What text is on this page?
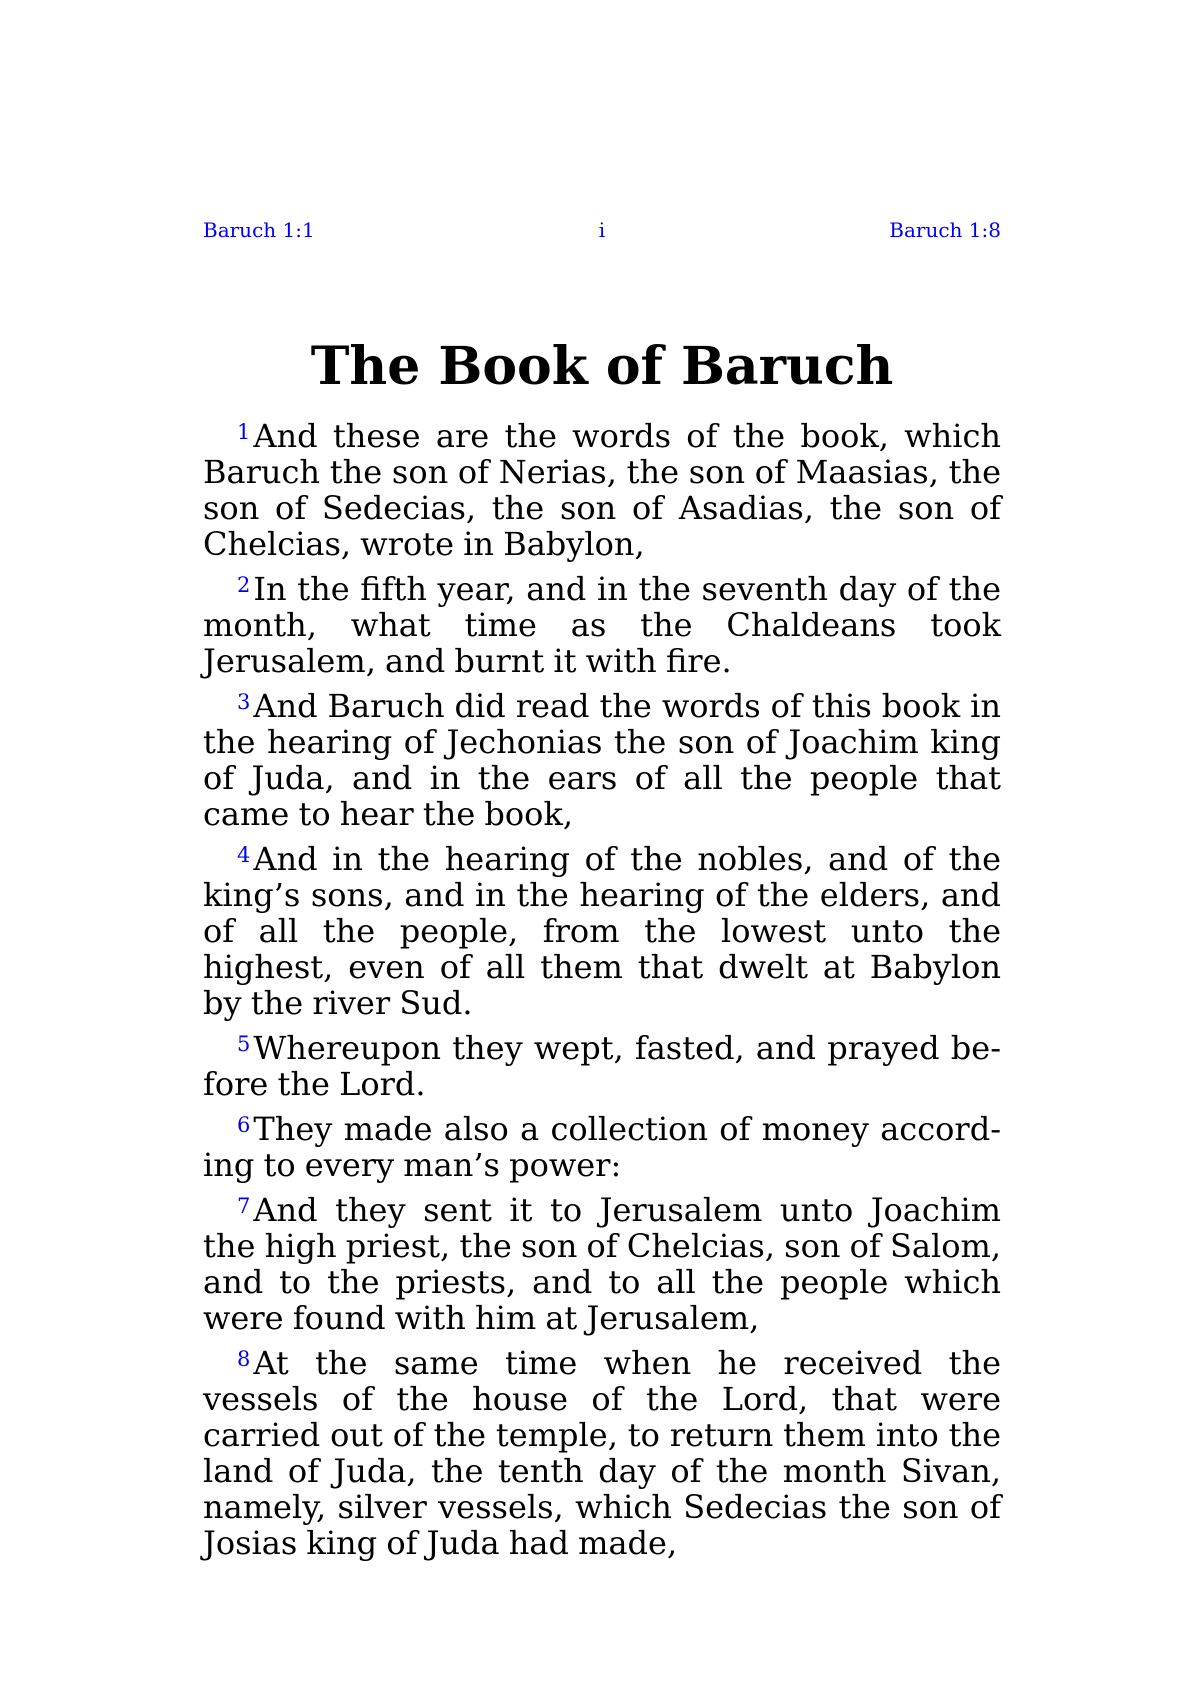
Baruch 1:1	i	Baruch 1:8
The Book of Baruch

$^1$And these are the words of the book, which Baruch the son of Nerias, the son of Maasias, the son of Sedecias, the son of Asadias, the son of Chelcias, wrote in Babylon,

$^2$In the fifth year, and in the seventh day of the month, what time as the Chaldeans took Jerusalem, and burnt it with fire.

$^3$And Baruch did read the words of this book in the hearing of Jechonias the son of Joachim king of Juda, and in the ears of all the people that came to hear the book,

$^4$And in the hearing of the nobles, and of the king’s sons, and in the hearing of the elders, and of all the people, from the lowest unto the highest, even of all them that dwelt at Babylon by the river Sud.

$^5$Whereupon they wept, fasted, and prayed be-fore the Lord.

$^6$They made also a collection of money accord-ing to every man’s power:

$^7$And they sent it to Jerusalem unto Joachim the high priest, the son of Chelcias, son of Salom, and to the priests, and to all the people which were found with him at Jerusalem,

$^8$At the same time when he received the vessels of the house of the Lord, that were carried out of the temple, to return them into the land of Juda, the tenth day of the month Sivan, namely, silver vessels, which Sedecias the son of Josias king of Juda had made,
